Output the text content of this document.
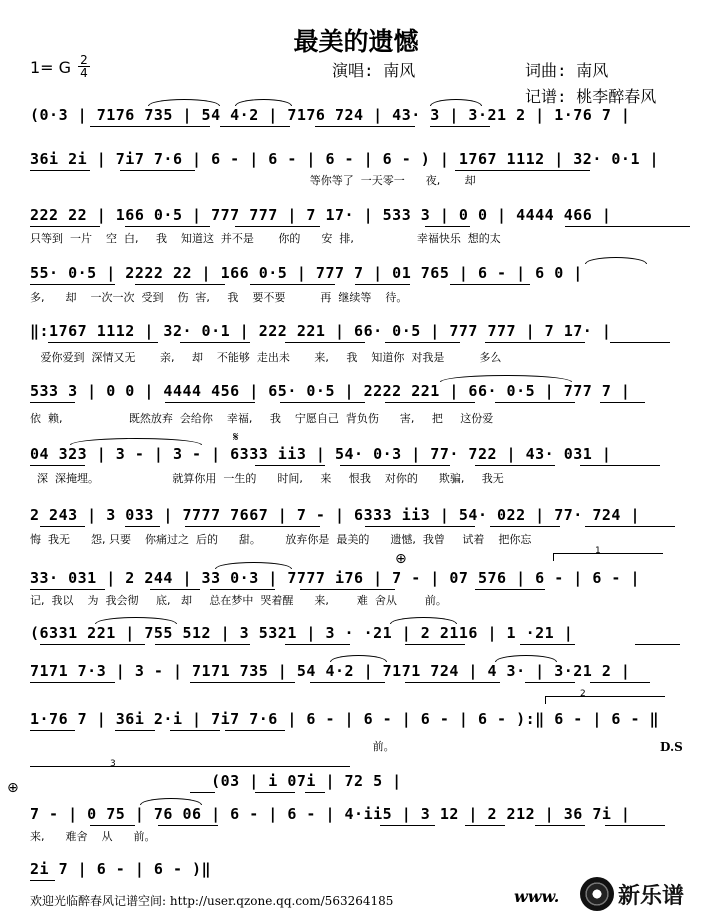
最美的遗憾
1= G 2
4	演唱: 南风	词曲: 南风
记谱: 桃李醉春风
(0·3 | 7176 735 | 54 4·2 | 7176 724 | 43· 3 | 3·21 2 | 1·76 7 |
36i 2i | 7i7 7·6 | 6 - | 6 - | 6 - | 6 - ) | 1767 1112 | 32· 0·1 |
等你等了  一天零一      夜,       却
222 22 | 166 0·5 | 777 777 | 7 17· | 533 3 | 0 0 | 4444 466 |
只等到  一片    空  白,     我    知道这  并不是       你的      安  排,                  幸福快乐  想的太
55· 0·5 | 2222 22 | 166 0·5 | 777 7 | 01 765 | 6 - | 6 0 |
多,      却    一次一次  受到    伤  害,     我    要不要          再  继续等    待。
‖:1767 1112 | 32· 0·1 | 222 221 | 66· 0·5 | 777 777 | 7 17· |
爱你爱到  深情又无       亲,     却    不能够  走出未       来,     我    知道你  对我是          多么
533 3 | 0 0 | 4444 456 | 65· 0·5 | 2222 221 | 66· 0·5 | 777 7 |
依  赖,                   既然放弃  会给你    幸福,     我    宁愿自己  背负伤      害,     把     这份爱
04 323 | 3 - | 3 - | 6333 ii3 | 54· 0·3 | 77· 722 | 43· 031 |
深  深掩埋。                     就算你用  一生的      时间,     来     恨我    对你的      欺骗,     我无
𝄋
2 243 | 3 033 | 7777 7667 | 7 - | 6333 ii3 | 54· 022 | 77· 724 |
悔  我无      怨, 只要    你痛过之  后的      甜。       放弃你是  最美的      遗憾,  我曾     试着    把你忘
1
33· 031 | 2 244 | 33 0·3 | 7777 i76 | 7 - | 07 576 | 6 - | 6 - |
记,  我以    为  我会彻     底,   却     总在梦中  哭着醒      来,        难  舍从        前。
⊕
(6331 221 | 755 512 | 3 5321 | 3 · ·21 | 2 2116 | 1 ·21 |
7171 7·3 | 3 - | 7171 735 | 54 4·2 | 7171 724 | 4 3· | 3·21 2 |
2
1·76 7 | 36i 2·i | 7i7 7·6 | 6 - | 6 - | 6 - | 6 - ):‖ 6 - | 6 - ‖
前。	D.S
3
(03 | i 07i | 72 5 |
7 - | 0 75 | 76 06 | 6 - | 6 - | 4·ii5 | 3 12 | 2 212 | 36 7i |
来,      难舍    从      前。
⊕
2i 7 | 6 - | 6 - )‖
欢迎光临醉春风记谱空间: http://user.qzone.qq.com/563264185	www.	新乐谱
